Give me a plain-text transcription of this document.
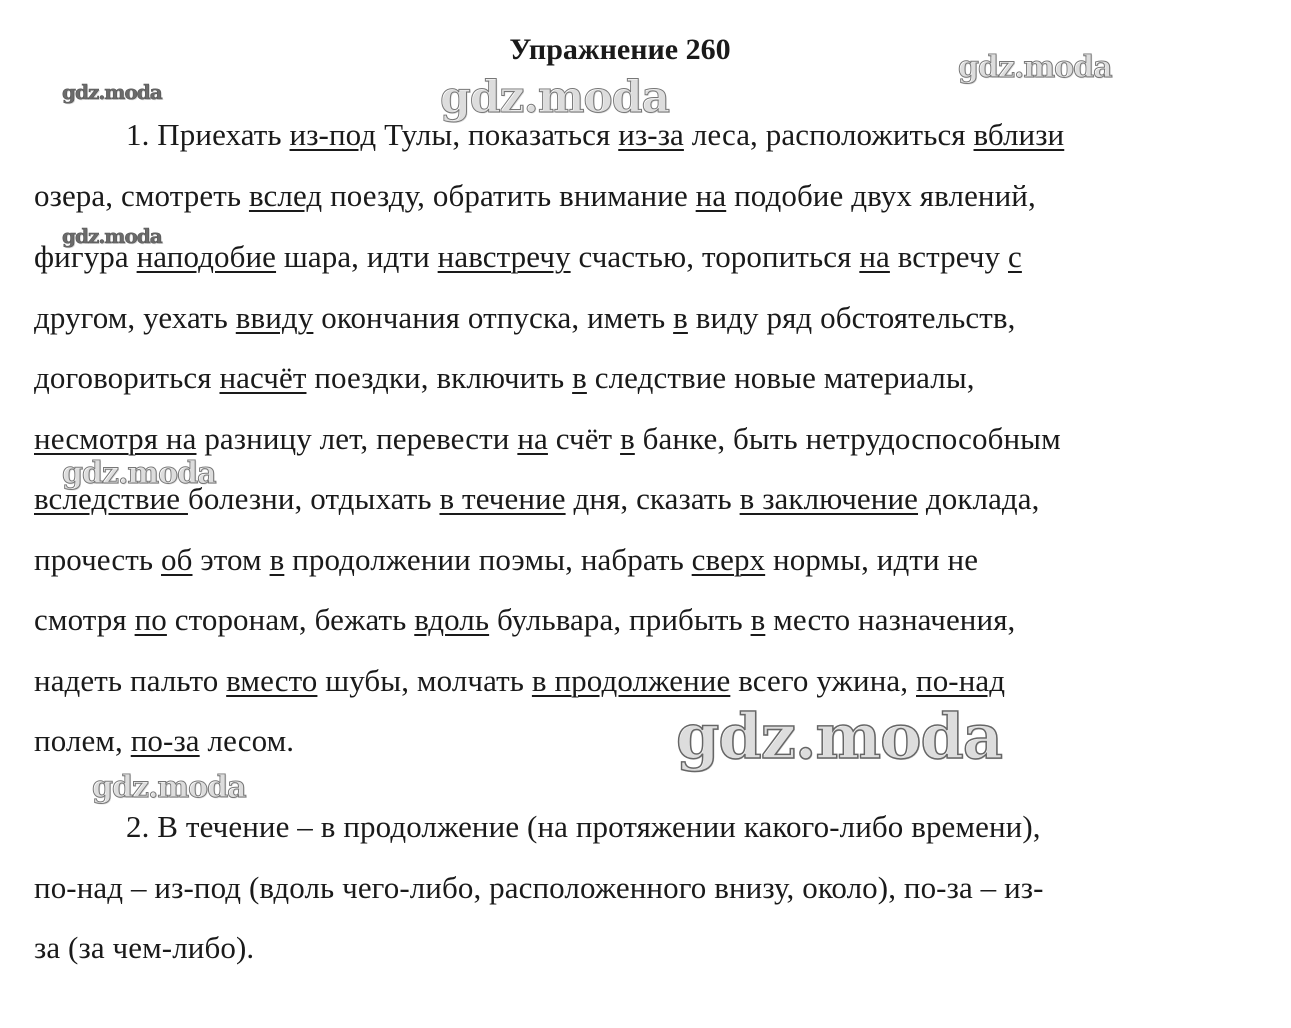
Упражнение 260
1. Приехать из-под Тулы, показаться из-за леса, расположиться вблизи
озера, смотреть вслед поезду, обратить внимание на подобие двух явлений,
фигура наподобие шара, идти навстречу счастью, торопиться на встречу с
другом, уехать ввиду окончания отпуска, иметь в виду ряд обстоятельств,
договориться насчёт поездки, включить в следствие новые материалы,
несмотря на разницу лет, перевести на счёт в банке, быть нетрудоспособным
вследствие болезни, отдыхать в течение дня, сказать в заключение доклада,
прочесть об этом в продолжении поэмы, набрать сверх нормы, идти не
смотря по сторонам, бежать вдоль бульвара, прибыть в место назначения,
надеть пальто вместо шубы, молчать в продолжение всего ужина, по-над
полем, по-за лесом.
2. В течение – в продолжение (на протяжении какого-либо времени),
по-над – из-под (вдоль чего-либо, расположенного внизу, около), по-за – из-
за (за чем-либо).
gdz.moda	gdz.moda
gdz.moda
gdz.moda
gdz.moda
gdz.moda
gdz.moda
